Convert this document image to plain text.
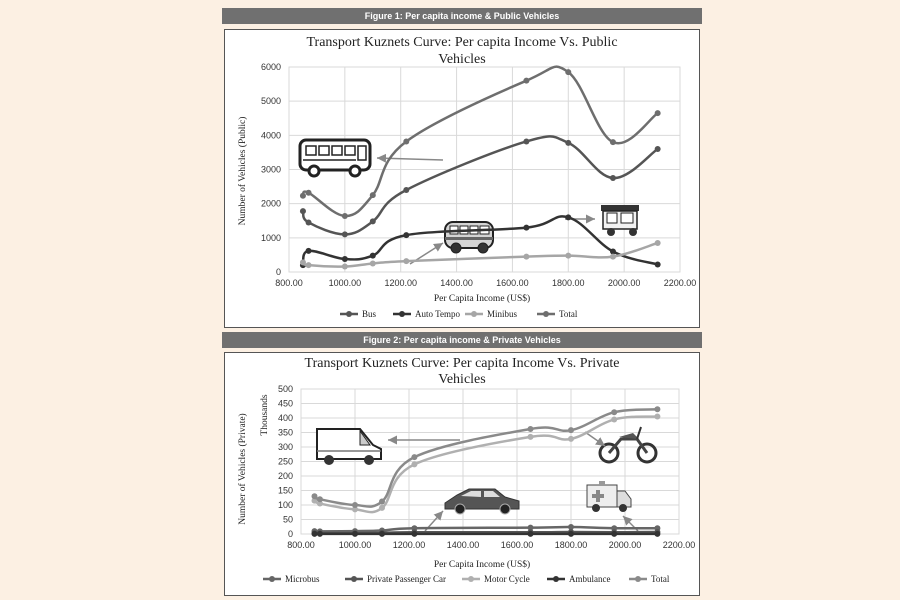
Figure 1: Per capita income & Public Vehicles
Transport Kuznets Curve: Per capita Income Vs. Public
Vehicles
0
1000
2000
3000
4000
5000
6000
800.00	1000.00	1200.00	1400.00	1600.00	1800.00	2000.00	2200.00
Per Capita Income (US$)
Number of Vehicles (Public)
Bus	Auto Tempo	Minibus	Total
Figure 2: Per capita income & Private Vehicles
Transport Kuznets Curve: Per capita Income Vs. Private
Vehicles
0
50
100
150
200
250
300
350
400
450
500
800.00	1000.00 1200.00 1400.00 1600.00 1800.00 2000.00 2200.00
Per Capita Income (US$)
Number of Vehicles (Private) Thousands
Microbus	Private Passenger Car	Motor Cycle	Ambulance	Total
